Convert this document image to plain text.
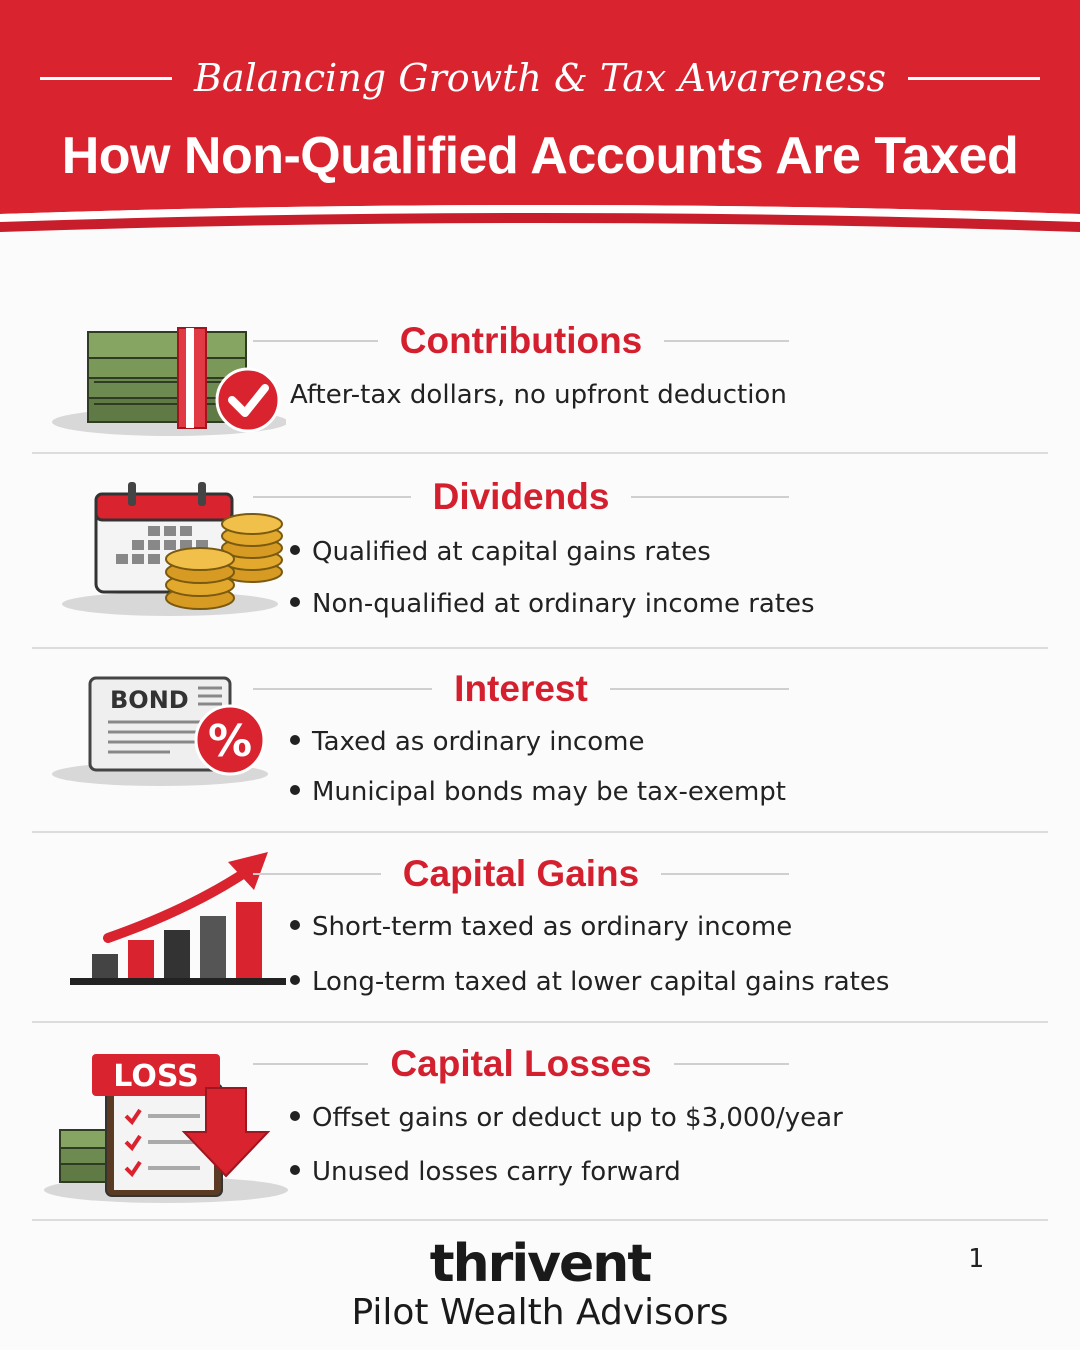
Balancing Growth & Tax Awareness
How Non-Qualified Accounts Are Taxed
Contributions
After-tax dollars, no upfront deduction
Dividends
Qualified at capital gains rates
Non-qualified at ordinary income rates
BOND
%
Interest
Taxed as ordinary income
Municipal bonds may be tax-exempt
Capital Gains
Short-term taxed as ordinary income
Long-term taxed at lower capital gains rates
LOSS	Capital Losses
Offset gains or deduct up to $3,000/year
Unused losses carry forward
thrivent
Pilot Wealth Advisors
1
